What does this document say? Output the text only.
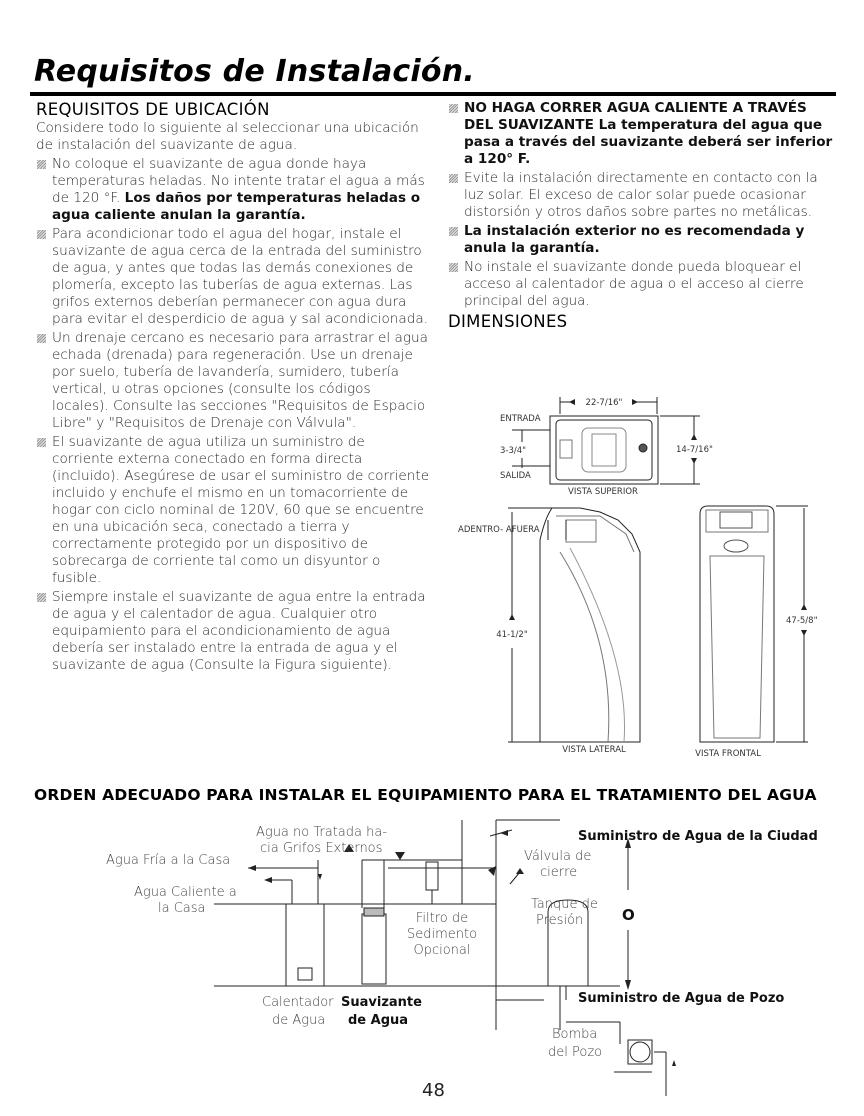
Requisitos de Instalación.
REQUISITOS DE UBICACIÓN

Considere todo lo siguiente al seleccionar una ubicación de instalación del suavizante de agua.

No coloque el suavizante de agua donde haya temperaturas heladas. No intente tratar el agua a más de 120 °F. Los daños por temperaturas heladas o agua caliente anulan la garantía.
Para acondicionar todo el agua del hogar, instale el suavizante de agua cerca de la entrada del suministro de agua, y antes que todas las demás conexiones de plomería, excepto las tuberías de agua externas. Las grifos externos deberían permanecer con agua dura para evitar el desperdicio de agua y sal acondicionada.
Un drenaje cercano es necesario para arrastrar el agua echada (drenada) para regeneración. Use un drenaje por suelo, tubería de lavandería, sumidero, tubería vertical, u otras opciones (consulte los códigos locales). Consulte las secciones "Requisitos de Espacio Libre" y "Requisitos de Drenaje con Válvula".
El suavizante de agua utiliza un suministro de corriente externa conectado en forma directa (incluido). Asegúrese de usar el suministro de corriente incluido y enchufe el mismo en un tomacorriente de hogar con ciclo nominal de 120V, 60 que se encuentre en una ubicación seca, conectado a tierra y correctamente protegido por un dispositivo de sobrecarga de corriente tal como un disyuntor o fusible.
Siempre instale el suavizante de agua entre la entrada de agua y el calentador de agua. Cualquier otro equipamiento para el acondicionamiento de agua debería ser instalado entre la entrada de agua y el suavizante de agua (Consulte la Figura siguiente).
NO HAGA CORRER AGUA CALIENTE A TRAVÉS DEL SUAVIZANTE La temperatura del agua que pasa a través del suavizante deberá ser inferior a 120° F.
Evite la instalación directamente en contacto con la luz solar. El exceso de calor solar puede ocasionar distorsión y otros daños sobre partes no metálicas.
La instalación exterior no es recomendada y anula la garantía.
No instale el suavizante donde pueda bloquear el acceso al calentador de agua o el acceso al cierre principal del agua.
DIMENSIONES
22-7/16"
ENTRADA
3-3/4"
SALIDA
14-7/16"
VISTA SUPERIOR
ADENTRO- AFUERA
41-1/2"
47-5/8"
VISTA LATERAL	VISTA FRONTAL
Agua no Tratada ha-
cia Grifos Externos
Agua Fría a la Casa
Agua Caliente a
la Casa
Filtro de
Sedimento
Opcional
Calentador
de Agua
Válvula de
cierre
Tanque de
Presión
Bomba
del Pozo
Suavizante
de Agua
Suministro de Agua de la Ciudad
O
Suministro de Agua de Pozo
ORDEN ADECUADO PARA INSTALAR EL EQUIPAMIENTO PARA EL TRATAMIENTO DEL AGUA
48
